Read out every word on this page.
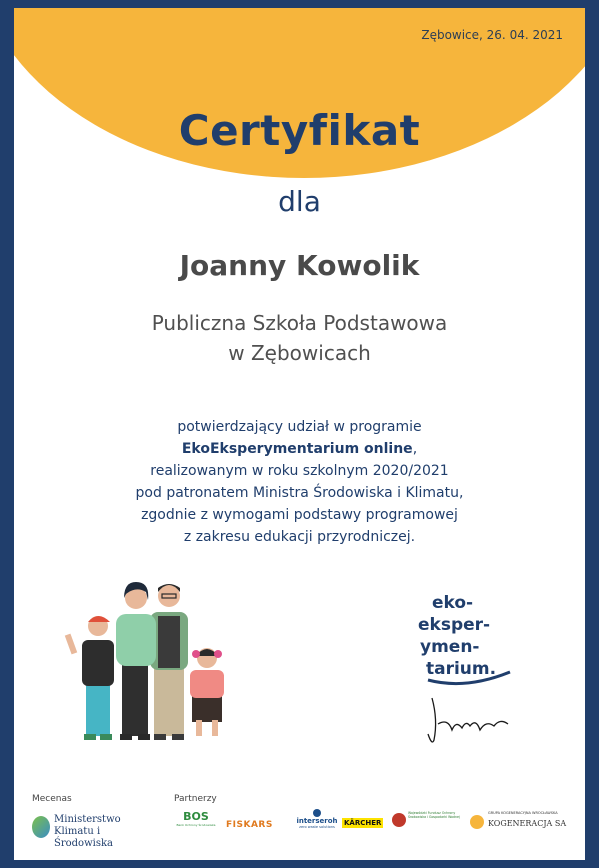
Zębowice, 26. 04. 2021
Certyfikat
dla
Joanny Kowolik
Publiczna Szkoła Podstawowa
w Zębowicach
potwierdzający udział w programie
EkoEksperymentarium online,
realizowanym w roku szkolnym 2020/2021
pod patronatem Ministra Środowiska i Klimatu,
zgodnie z wymogami podstawy programowej
z zakresu edukacji przyrodniczej.
eko-
eksper-
ymen-
tarium.
Mecenas	Partnerzy
Ministerstwo
Klimatu i Środowiska
BOS
Bank Ochrony Środowiska FISKARS	interseroh
zero waste solutions	KÄRCHER
Wojewódzki Fundusz Ochrony Środowiska i Gospodarki Wodnej
GRUPA KOGENERACYJNA WROCŁAWSKA
KOGENERACJA SA
